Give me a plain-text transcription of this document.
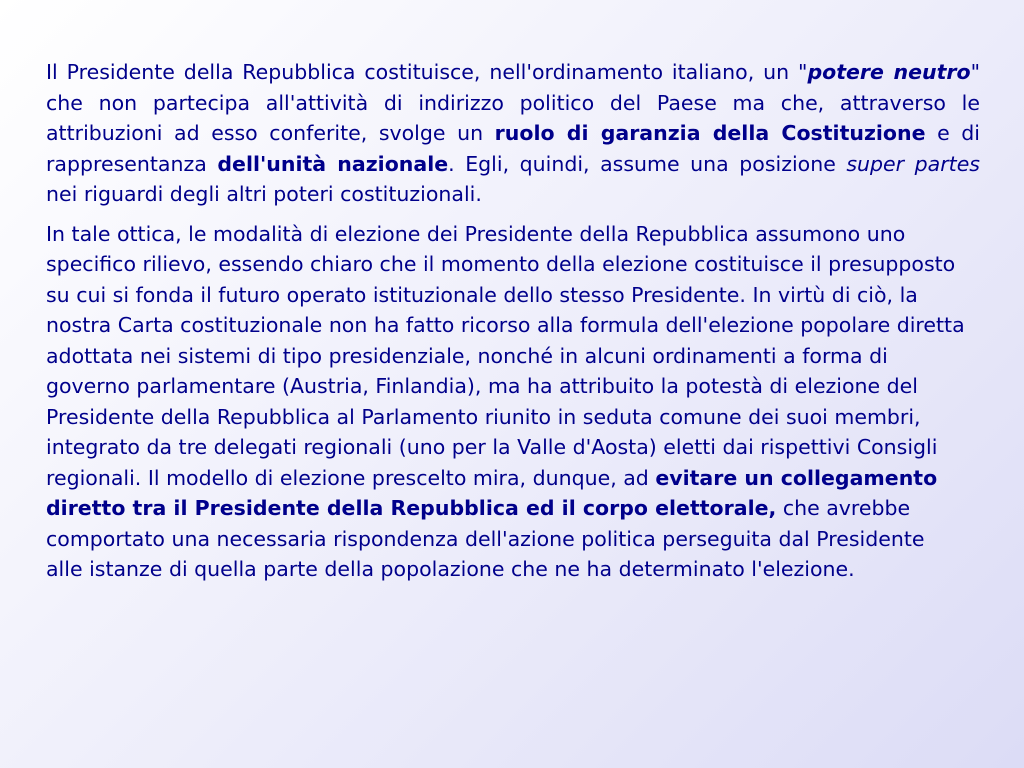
Il Presidente della Repubblica costituisce, nell'ordinamento italiano, un "potere neutro" che non partecipa all'attività di indirizzo politico del Paese ma che, attraverso le attribuzioni ad esso conferite, svolge un ruolo di garanzia della Costituzione e di rappresentanza dell'unità nazionale. Egli, quindi, assume una posizione super partes nei riguardi degli altri poteri costituzionali.

In tale ottica, le modalità di elezione dei Presidente della Repubblica assumono uno specifico rilievo, essendo chiaro che il momento della elezione costituisce il presupposto su cui si fonda il futuro operato istituzionale dello stesso Presidente. In virtù di ciò, la nostra Carta costituzionale non ha fatto ricorso alla formula dell'elezione popolare diretta adottata nei sistemi di tipo presidenziale, nonché in alcuni ordinamenti a forma di governo parlamentare (Austria, Finlandia), ma ha attribuito la potestà di elezione del Presidente della Repubblica al Parlamento riunito in seduta comune dei suoi membri, integrato da tre delegati regionali (uno per la Valle d'Aosta) eletti dai rispettivi Consigli regionali. Il modello di elezione prescelto mira, dunque, ad evitare un collegamento diretto tra il Presidente della Repubblica ed il corpo elettorale, che avrebbe comportato una necessaria rispondenza dell'azione politica perseguita dal Presidente alle istanze di quella parte della popolazione che ne ha determinato l'elezione.
